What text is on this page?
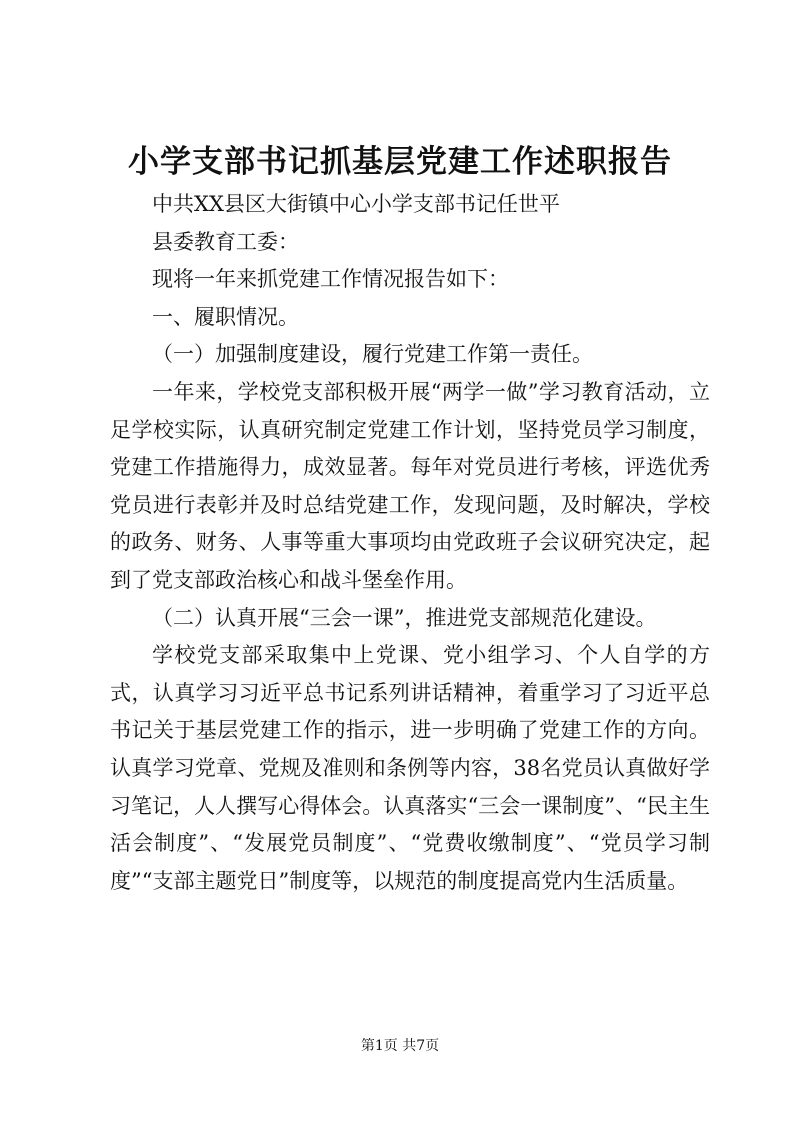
小学支部书记抓基层党建工作述职报告

中共XX县区大街镇中心小学支部书记任世平

县委教育工委：

现将一年来抓党建工作情况报告如下：

一、履职情况。

（一）加强制度建设，履行党建工作第一责任。

一年来，学校党支部积极开展“两学一做”学习教育活动，立足学校实际，认真研究制定党建工作计划，坚持党员学习制度，党建工作措施得力，成效显著。每年对党员进行考核，评选优秀党员进行表彰并及时总结党建工作，发现问题，及时解决，学校的政务、财务、人事等重大事项均由党政班子会议研究决定，起到了党支部政治核心和战斗堡垒作用。

（二）认真开展“三会一课”，推进党支部规范化建设。

学校党支部采取集中上党课、党小组学习、个人自学的方式，认真学习习近平总书记系列讲话精神，着重学习了习近平总书记关于基层党建工作的指示，进一步明确了党建工作的方向。认真学习党章、党规及准则和条例等内容，38名党员认真做好学习笔记，人人撰写心得体会。认真落实“三会一课制度”、“民主生活会制度”、“发展党员制度”、“党费收缴制度”、“党员学习制度”“支部主题党日”制度等，以规范的制度提高党内生活质量。

第1页 共7页
